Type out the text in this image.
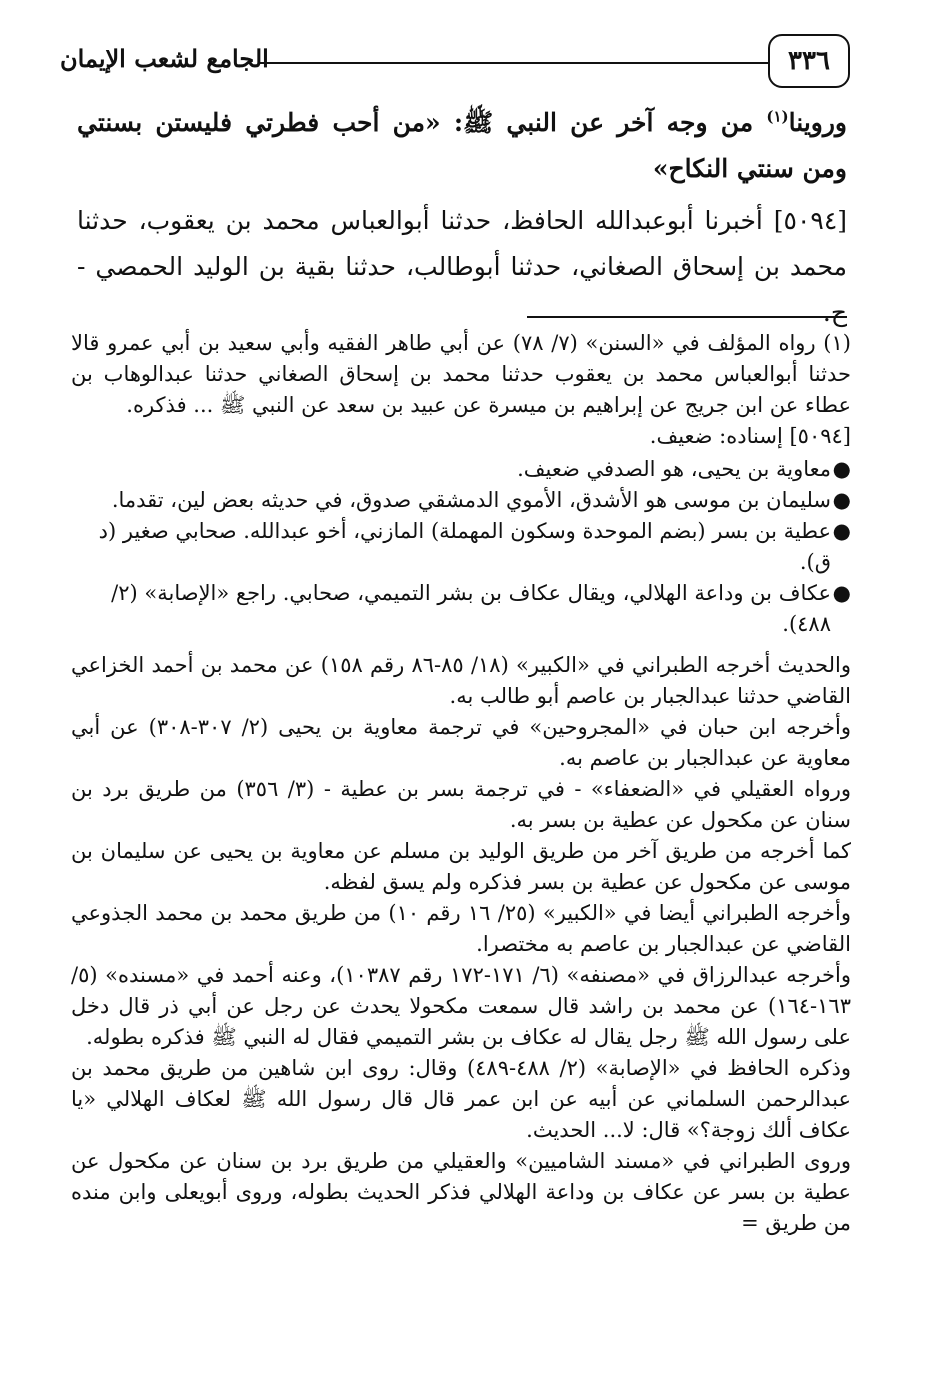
٣٣٦
الجامع لشعب الإيمان

وروينا$^{(١)}$ من وجه آخر عن النبي ﷺ: «من أحب فطرتي فليستن بسنتي ومن سنتي النكاح»

[٥٠٩٤] أخبرنا أبوعبدالله الحافظ، حدثنا أبوالعباس محمد بن يعقوب، حدثنا محمد بن إسحاق الصغاني، حدثنا أبوطالب، حدثنا بقية بن الوليد الحمصي - ح.

(١) رواه المؤلف في «السنن» (٧/ ٧٨) عن أبي طاهر الفقيه وأبي سعيد بن أبي عمرو قالا حدثنا أبوالعباس محمد بن يعقوب حدثنا محمد بن إسحاق الصغاني حدثنا عبدالوهاب بن عطاء عن ابن جريج عن إبراهيم بن ميسرة عن عبيد بن سعد عن النبي ﷺ ... فذكره.

[٥٠٩٤] إسناده: ضعيف.

●
معاوية بن يحيى، هو الصدفي ضعيف.
●
سليمان بن موسى هو الأشدق، الأموي الدمشقي صدوق، في حديثه بعض لين، تقدما.
●
عطية بن بسر (بضم الموحدة وسكون المهملة) المازني، أخو عبدالله. صحابي صغير (د ق).
●
عكاف بن وداعة الهلالي، ويقال عكاف بن بشر التميمي، صحابي. راجع «الإصابة» (٢/ ٤٨٨).

والحديث أخرجه الطبراني في «الكبير» (١٨/ ٨٥-٨٦ رقم ١٥٨) عن محمد بن أحمد الخزاعي القاضي حدثنا عبدالجبار بن عاصم أبو طالب به.

وأخرجه ابن حبان في «المجروحين» في ترجمة معاوية بن يحيى (٢/ ٣٠٧-٣٠٨) عن أبي معاوية عن عبدالجبار بن عاصم به.

ورواه العقيلي في «الضعفاء» - في ترجمة بسر بن عطية - (٣/ ٣٥٦) من طريق برد بن سنان عن مكحول عن عطية بن بسر به.

كما أخرجه من طريق آخر من طريق الوليد بن مسلم عن معاوية بن يحيى عن سليمان بن موسى عن مكحول عن عطية بن بسر فذكره ولم يسق لفظه.

وأخرجه الطبراني أيضا في «الكبير» (٢٥/ ١٦ رقم ١٠) من طريق محمد بن محمد الجذوعي القاضي عن عبدالجبار بن عاصم به مختصرا.

وأخرجه عبدالرزاق في «مصنفه» (٦/ ١٧١-١٧٢ رقم ١٠٣٨٧)، وعنه أحمد في «مسنده» (٥/ ١٦٣-١٦٤) عن محمد بن راشد قال سمعت مكحولا يحدث عن رجل عن أبي ذر قال دخل على رسول الله ﷺ رجل يقال له عكاف بن بشر التميمي فقال له النبي ﷺ فذكره بطوله.

وذكره الحافظ في «الإصابة» (٢/ ٤٨٨-٤٨٩) وقال: روى ابن شاهين من طريق محمد بن عبدالرحمن السلماني عن أبيه عن ابن عمر قال قال رسول الله ﷺ لعكاف الهلالي «يا عكاف ألك زوجة؟» قال: لا... الحديث.

وروى الطبراني في «مسند الشاميين» والعقيلي من طريق برد بن سنان عن مكحول عن عطية بن بسر عن عكاف بن وداعة الهلالي فذكر الحديث بطوله، وروى أبويعلى وابن منده من طريق =
